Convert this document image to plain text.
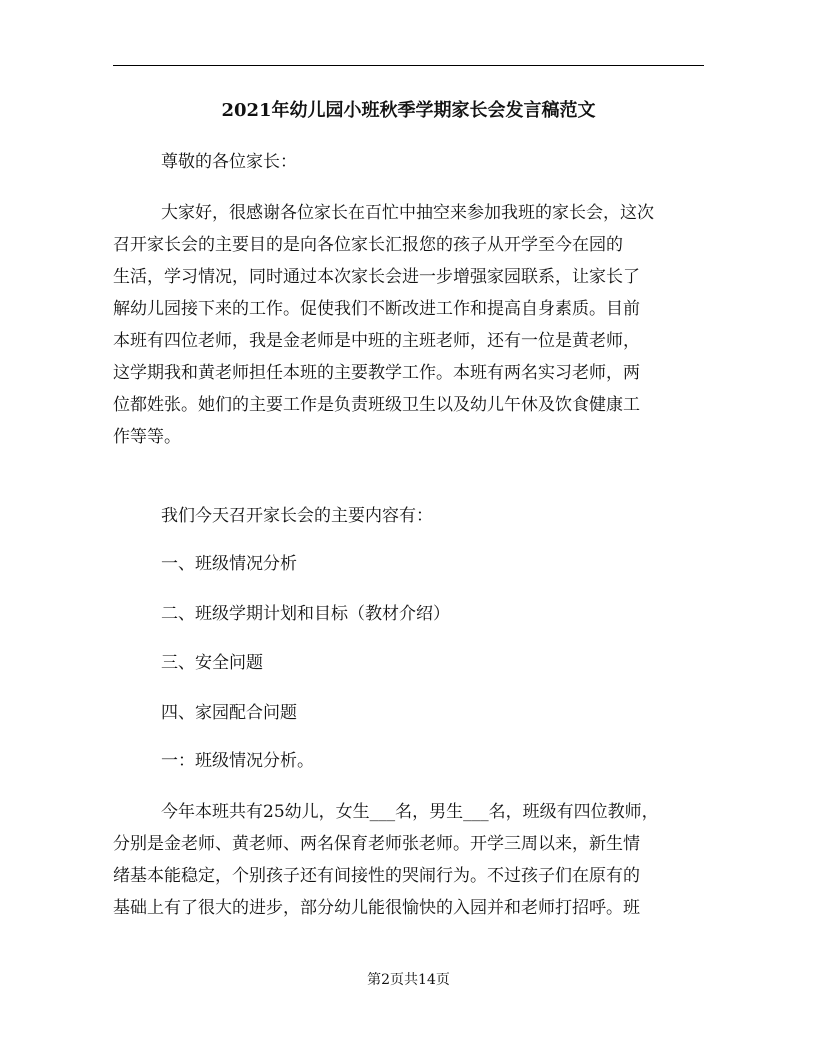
2021年幼儿园小班秋季学期家长会发言稿范文
尊敬的各位家长：
大家好，很感谢各位家长在百忙中抽空来参加我班的家长会，这次
召开家长会的主要目的是向各位家长汇报您的孩子从开学至今在园的
生活，学习情况，同时通过本次家长会进一步增强家园联系，让家长了
解幼儿园接下来的工作。促使我们不断改进工作和提高自身素质。目前
本班有四位老师，我是金老师是中班的主班老师，还有一位是黄老师，
这学期我和黄老师担任本班的主要教学工作。本班有两名实习老师，两
位都姓张。她们的主要工作是负责班级卫生以及幼儿午休及饮食健康工
作等等。
我们今天召开家长会的主要内容有：
一、班级情况分析
二、班级学期计划和目标（教材介绍）
三、安全问题
四、家园配合问题
一：班级情况分析。
今年本班共有25幼儿，女生___名，男生___名，班级有四位教师，
分别是金老师、黄老师、两名保育老师张老师。开学三周以来，新生情
绪基本能稳定，个别孩子还有间接性的哭闹行为。不过孩子们在原有的
基础上有了很大的进步，部分幼儿能很愉快的入园并和老师打招呼。班
第2页共14页
